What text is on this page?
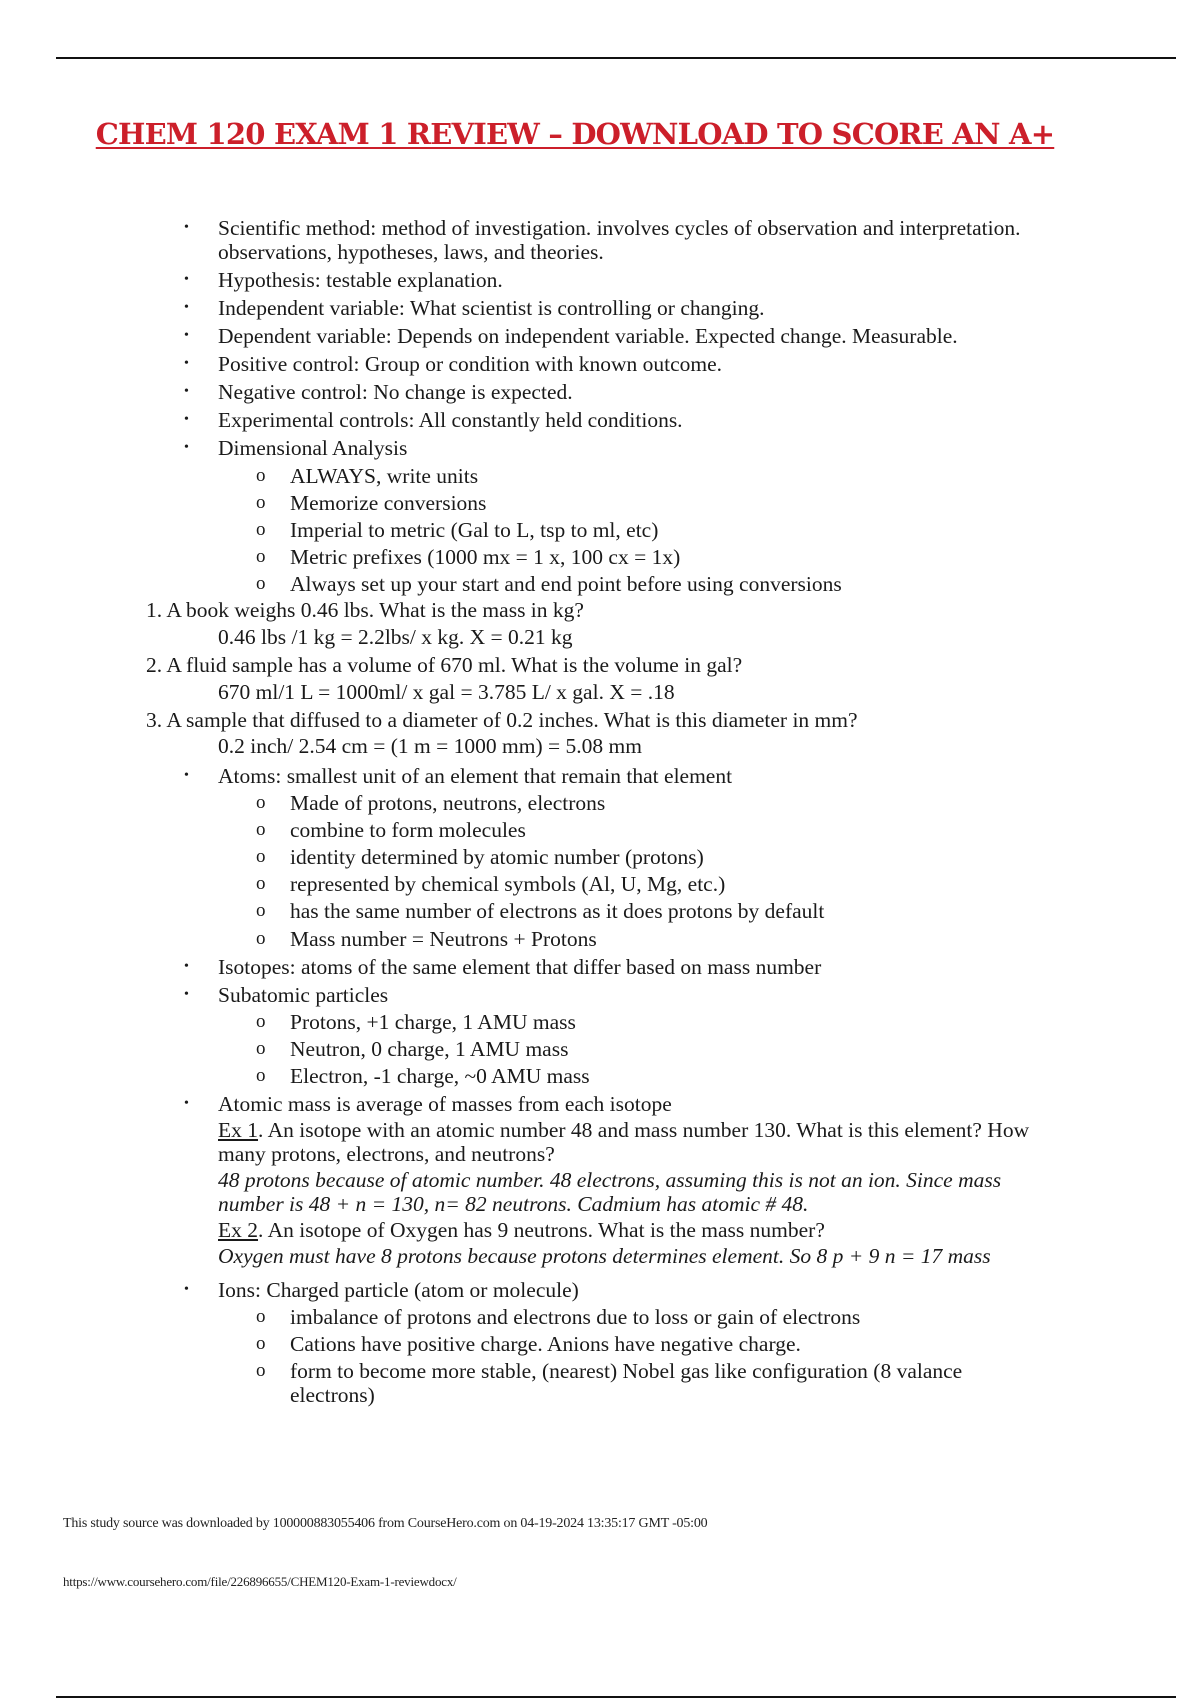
CHEM 120 EXAM 1 REVIEW – DOWNLOAD TO SCORE AN A+
• Scientific method: method of investigation. involves cycles of observation and interpretation. observations, hypotheses, laws, and theories.
• Hypothesis: testable explanation.
• Independent variable: What scientist is controlling or changing.
• Dependent variable: Depends on independent variable. Expected change. Measurable.
• Positive control: Group or condition with known outcome.
• Negative control: No change is expected.
• Experimental controls: All constantly held conditions.
• Dimensional Analysis
o ALWAYS, write units
o Memorize conversions
o Imperial to metric (Gal to L, tsp to ml, etc)
o Metric prefixes (1000 mx = 1 x, 100 cx = 1x)
o Always set up your start and end point before using conversions
1. A book weighs 0.46 lbs. What is the mass in kg?
0.46 lbs /1 kg = 2.2lbs/ x kg. X = 0.21 kg
2. A fluid sample has a volume of 670 ml. What is the volume in gal?
670 ml/1 L = 1000ml/ x gal = 3.785 L/ x gal. X = .18
3. A sample that diffused to a diameter of 0.2 inches. What is this diameter in mm?
0.2 inch/ 2.54 cm = (1 m = 1000 mm) = 5.08 mm
• Atoms: smallest unit of an element that remain that element
o Made of protons, neutrons, electrons
o combine to form molecules
o identity determined by atomic number (protons)
o represented by chemical symbols (Al, U, Mg, etc.)
o has the same number of electrons as it does protons by default
o Mass number = Neutrons + Protons
• Isotopes: atoms of the same element that differ based on mass number
• Subatomic particles
o Protons, +1 charge, 1 AMU mass
o Neutron, 0 charge, 1 AMU mass
o Electron, -1 charge, ~0 AMU mass
• Atomic mass is average of masses from each isotope
Ex 1. An isotope with an atomic number 48 and mass number 130. What is this element? How many protons, electrons, and neutrons?
48 protons because of atomic number. 48 electrons, assuming this is not an ion. Since mass number is 48 + n = 130, n= 82 neutrons. Cadmium has atomic # 48.
Ex 2. An isotope of Oxygen has 9 neutrons. What is the mass number?
Oxygen must have 8 protons because protons determines element. So 8 p + 9 n = 17 mass
• Ions: Charged particle (atom or molecule)
o imbalance of protons and electrons due to loss or gain of electrons
o Cations have positive charge. Anions have negative charge.
o form to become more stable, (nearest) Nobel gas like configuration (8 valance electrons)
This study source was downloaded by 100000883055406 from CourseHero.com on 04-19-2024 13:35:17 GMT -05:00
https://www.coursehero.com/file/226896655/CHEM120-Exam-1-reviewdocx/
